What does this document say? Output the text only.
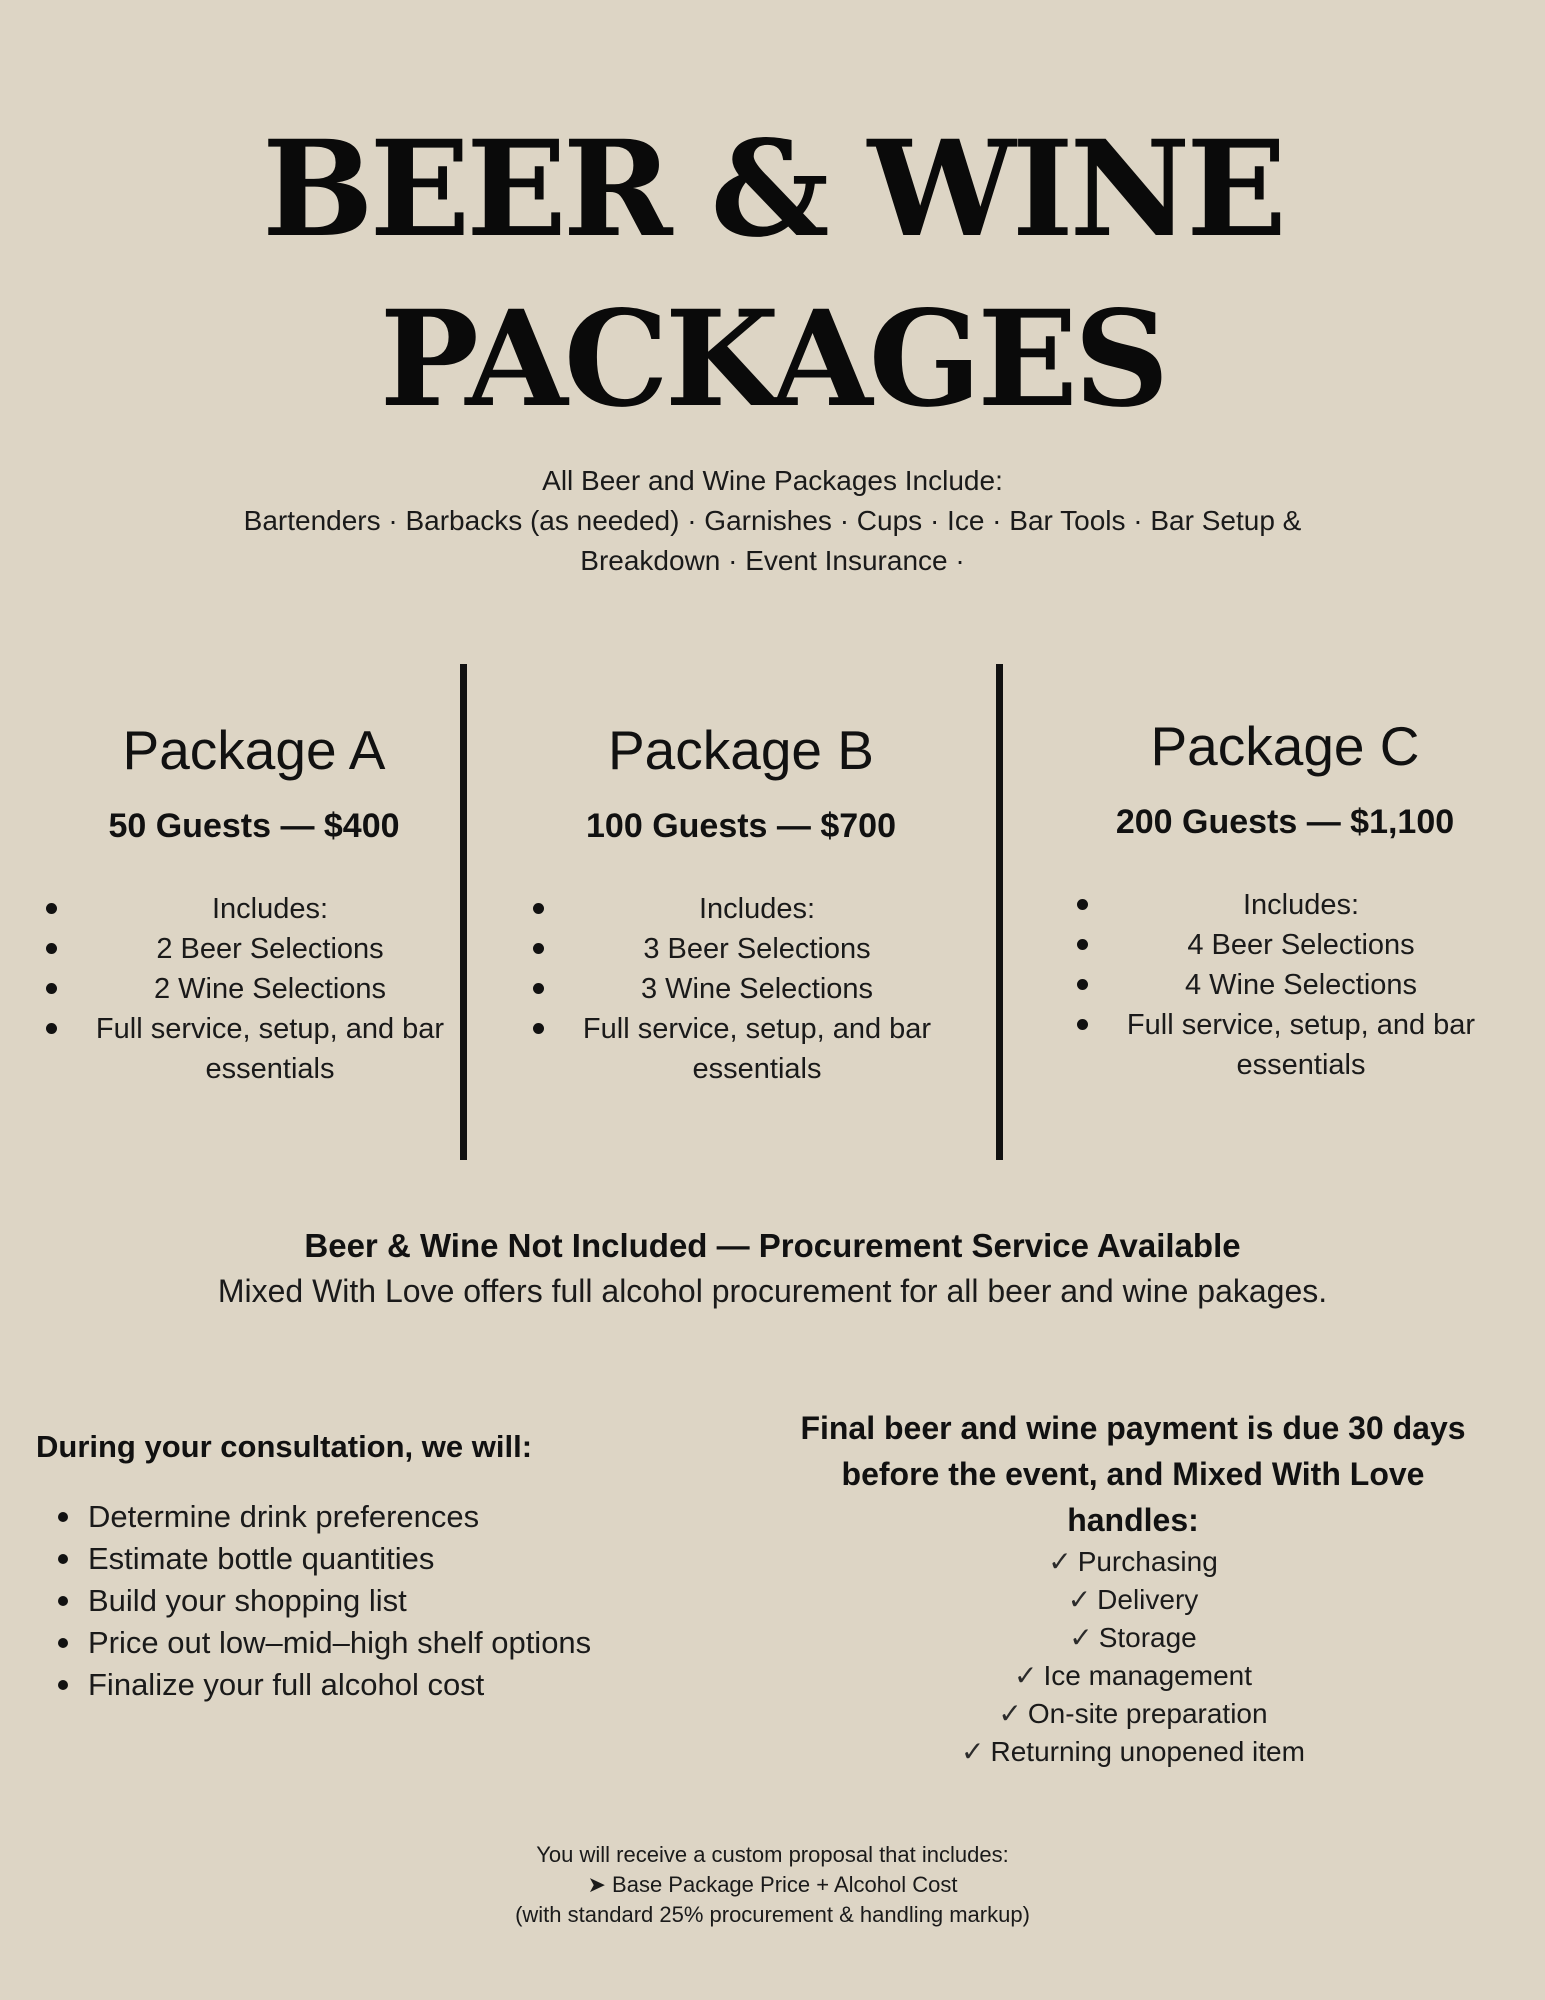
BEER & WINE
PACKAGES
All Beer and Wine Packages Include:
Bartenders · Barbacks (as needed) · Garnishes · Cups · Ice · Bar Tools · Bar Setup &
Breakdown · Event Insurance ·
Package A
50 Guests — $400
Includes:
2 Beer Selections
2 Wine Selections
Full service, setup, and bar essentials
Package B
100 Guests — $700
Includes:
3 Beer Selections
3 Wine Selections
Full service, setup, and bar essentials
Package C
200 Guests — $1,100
Includes:
4 Beer Selections
4 Wine Selections
Full service, setup, and bar essentials
Beer & Wine Not Included — Procurement Service Available
Mixed With Love offers full alcohol procurement for all beer and wine pakages.
During your consultation, we will:
Determine drink preferences
Estimate bottle quantities
Build your shopping list
Price out low–mid–high shelf options
Finalize your full alcohol cost
Final beer and wine payment is due 30 days before the event, and Mixed With Love handles:
✓ Purchasing
✓ Delivery
✓ Storage
✓ Ice management
✓ On-site preparation
✓ Returning unopened item
You will receive a custom proposal that includes:
➤ Base Package Price + Alcohol Cost
(with standard 25% procurement & handling markup)
